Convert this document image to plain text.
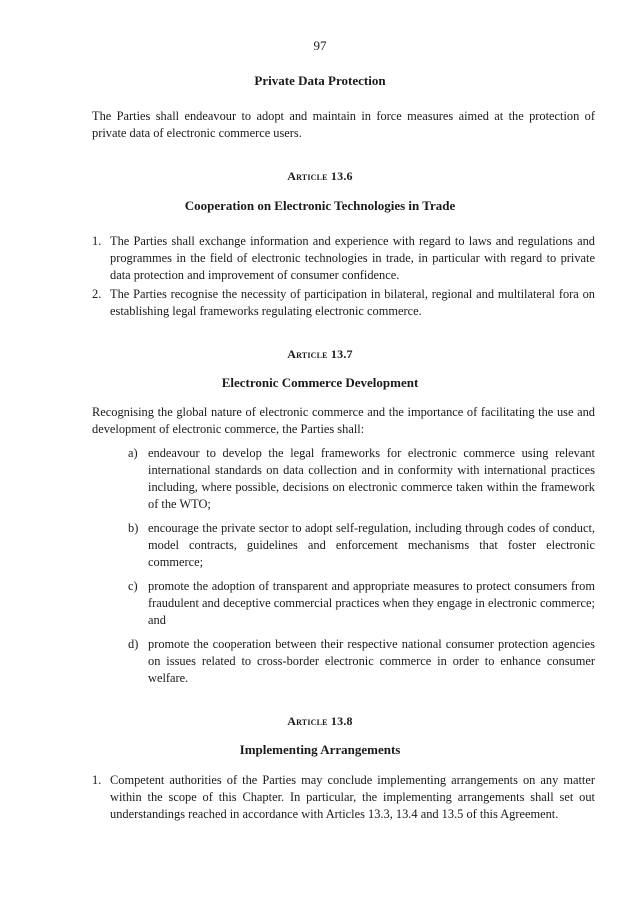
97
Private Data Protection
The Parties shall endeavour to adopt and maintain in force measures aimed at the protection of private data of electronic commerce users.
Article 13.6
Cooperation on Electronic Technologies in Trade
1. The Parties shall exchange information and experience with regard to laws and regulations and programmes in the field of electronic technologies in trade, in particular with regard to private data protection and improvement of consumer confidence.
2. The Parties recognise the necessity of participation in bilateral, regional and multilateral fora on establishing legal frameworks regulating electronic commerce.
Article 13.7
Electronic Commerce Development
Recognising the global nature of electronic commerce and the importance of facilitating the use and development of electronic commerce, the Parties shall:
a) endeavour to develop the legal frameworks for electronic commerce using relevant international standards on data collection and in conformity with international practices including, where possible, decisions on electronic commerce taken within the framework of the WTO;
b) encourage the private sector to adopt self-regulation, including through codes of conduct, model contracts, guidelines and enforcement mechanisms that foster electronic commerce;
c) promote the adoption of transparent and appropriate measures to protect consumers from fraudulent and deceptive commercial practices when they engage in electronic commerce; and
d) promote the cooperation between their respective national consumer protection agencies on issues related to cross-border electronic commerce in order to enhance consumer welfare.
Article 13.8
Implementing Arrangements
1. Competent authorities of the Parties may conclude implementing arrangements on any matter within the scope of this Chapter. In particular, the implementing arrangements shall set out understandings reached in accordance with Articles 13.3, 13.4 and 13.5 of this Agreement.
